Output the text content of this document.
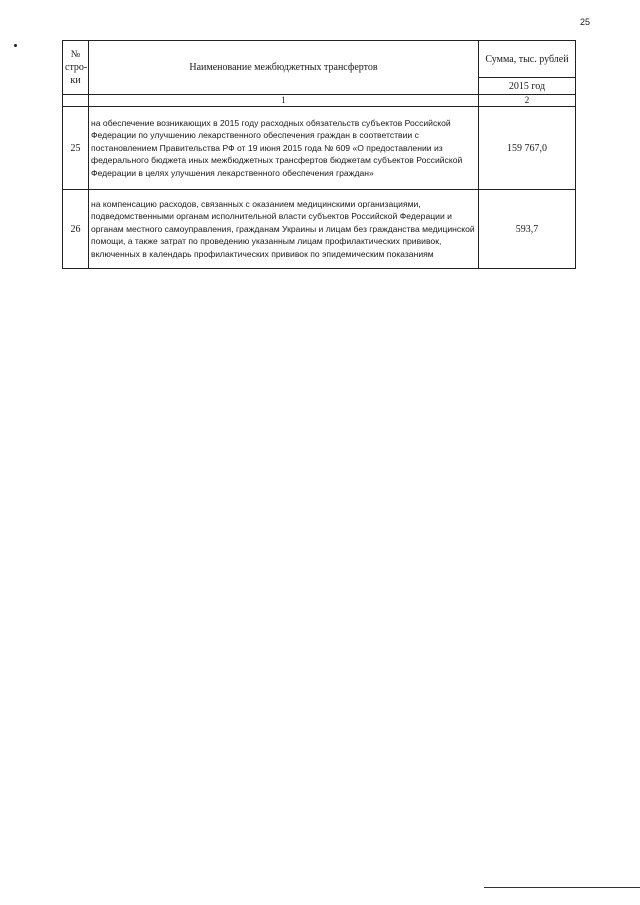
25
№ стро-ки	Наименование межбюджетных трансфертов	Сумма, тыс. рублей
		2015 год
	1	2
25	на обеспечение возникающих в 2015 году расходных обязательств субъектов Российской Федерации по улучшению лекарственного обеспечения граждан в соответствии с постановлением Правительства РФ от 19 июня 2015 года № 609 «О предоставлении из федерального бюджета иных межбюджетных трансфертов бюджетам субъектов Российской Федерации в целях улучшения лекарственного обеспечения граждан»	159 767,0
26	на компенсацию расходов, связанных с оказанием медицинскими организациями, подведомственными органам исполнительной власти субъектов Российской Федерации и органам местного самоуправления, гражданам Украины и лицам без гражданства медицинской помощи, а также затрат по проведению указанным лицам профилактических прививок, включенных в календарь профилактических прививок по эпидемическим показаниям	593,7
